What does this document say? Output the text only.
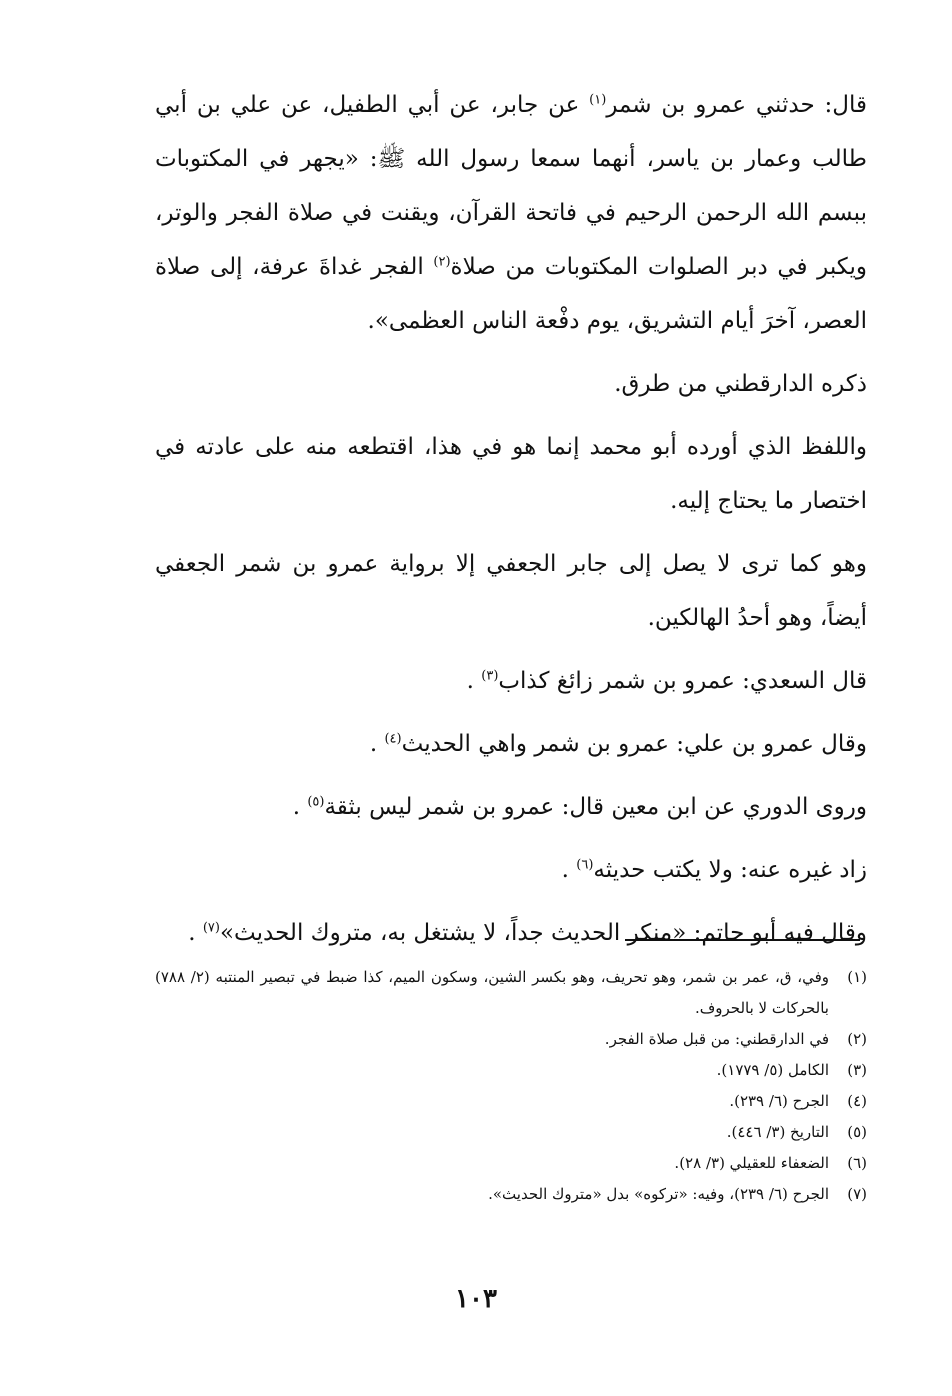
قال: حدثني عمرو بن شمر$^{(١)}$ عن جابر، عن أبي الطفيل، عن علي بن أبي طالب وعمار بن ياسر، أنهما سمعا رسول الله ﷺ: «يجهر في المكتوبات ببسم الله الرحمن الرحيم في فاتحة القرآن، ويقنت في صلاة الفجر والوتر، ويكبر في دبر الصلوات المكتوبات من صلاة$^{(٢)}$ الفجر غداةَ عرفة، إلى صلاة العصر، آخرَ أيام التشريق، يوم دفْعة الناس العظمى».

ذكره الدارقطني من طرق.

واللفظ الذي أورده أبو محمد إنما هو في هذا، اقتطعه منه على عادته في اختصار ما يحتاج إليه.

وهو كما ترى لا يصل إلى جابر الجعفي إلا برواية عمرو بن شمر الجعفي أيضاً، وهو أحدُ الهالكين.

قال السعدي: عمرو بن شمر زائغ كذاب$^{(٣)}$ .

وقال عمرو بن علي: عمرو بن شمر واهي الحديث$^{(٤)}$ .

وروى الدوري عن ابن معين قال: عمرو بن شمر ليس بثقة$^{(٥)}$ .

زاد غيره عنه: ولا يكتب حديثه$^{(٦)}$ .

وقال فيه أبو حاتم: «منكر الحديث جداً، لا يشتغل به، متروك الحديث»$^{(٧)}$ .

(١)
وفي، ق، عمر بن شمر، وهو تحريف، وهو بكسر الشين، وسكون الميم، كذا ضبط في تبصير المنتبه (٢/ ٧٨٨) بالحركات لا بالحروف.
(٢)
في الدارقطني: من قبل صلاة الفجر.
(٣)
الكامل (٥/ ١٧٧٩).
(٤)
الجرح (٦/ ٢٣٩).
(٥)
التاريخ (٣/ ٤٤٦).
(٦)
الضعفاء للعقيلي (٣/ ٢٨).
(٧)
الجرح (٦/ ٢٣٩)، وفيه: «تركوه» بدل «متروك الحديث».
١٠٣
